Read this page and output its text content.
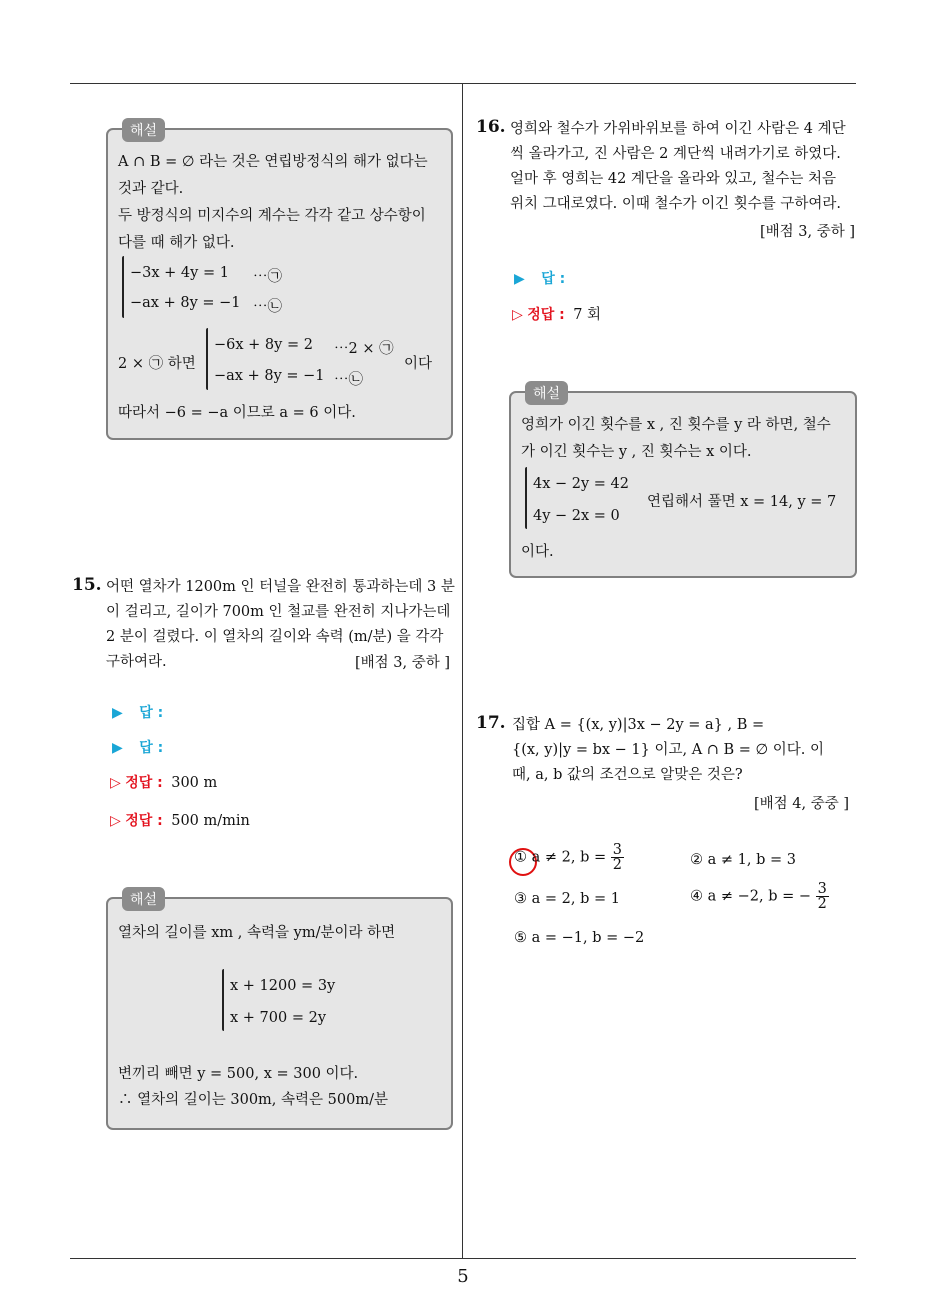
5
해설
A ∩ B = ∅ 라는 것은 연립방정식의 해가 없다는
것과 같다.
두 방정식의 미지수의 계수는 각각 같고 상수항이
다를 때 해가 없다.
−3x + 4y = 1 ⋯㉠
−ax + 8y = −1 ⋯㉡
2 × ㉠ 하면
−6x + 8y = 2 ⋯2 × ㉠
−ax + 8y = −1 ⋯㉡
이다
따라서 −6 = −a 이므로 a = 6 이다.
15. 어떤 열차가 1200m 인 터널을 완전히 통과하는데 3 분
이 걸리고, 길이가 700m 인 철교를 완전히 지나가는데
2 분이 걸렸다. 이 열차의 길이와 속력 (m/분) 을 각각
구하여라.	[배점 3, 중하 ]
▶ 답 :
▶ 답 :
▷ 정답 : 300 m
▷ 정답 : 500 m/min
해설
열차의 길이를 xm , 속력을 ym/분이라 하면
x + 1200 = 3y
x + 700 = 2y
변끼리 빼면 y = 500, x = 300 이다.
∴ 열차의 길이는 300m, 속력은 500m/분
16. 영희와 철수가 가위바위보를 하여 이긴 사람은 4 계단
씩 올라가고, 진 사람은 2 계단씩 내려가기로 하였다.
얼마 후 영희는 42 계단을 올라와 있고, 철수는 처음
위치 그대로였다. 이때 철수가 이긴 횟수를 구하여라.
[배점 3, 중하 ]
▶ 답 :
▷ 정답 : 7 회
해설
영희가 이긴 횟수를 x , 진 횟수를 y 라 하면, 철수
가 이긴 횟수는 y , 진 횟수는 x 이다.
4x − 2y = 42
4y − 2x = 0
연립해서 풀면 x = 14, y = 7
이다.
17. 집합 A = {(x, y)|3x − 2y = a} , B =
{(x, y)|y = bx − 1} 이고, A ∩ B = ∅ 이다. 이
때, a, b 값의 조건으로 알맞은 것은?
[배점 4, 중중 ]
① a ≠ 2, $b = \frac{3}{2}$	② a ≠ 1, b = 3
③ a = 2, b = 1	④ a ≠ −2, b = − $\frac{3}{2}$
⑤ a = −1, b = −2
